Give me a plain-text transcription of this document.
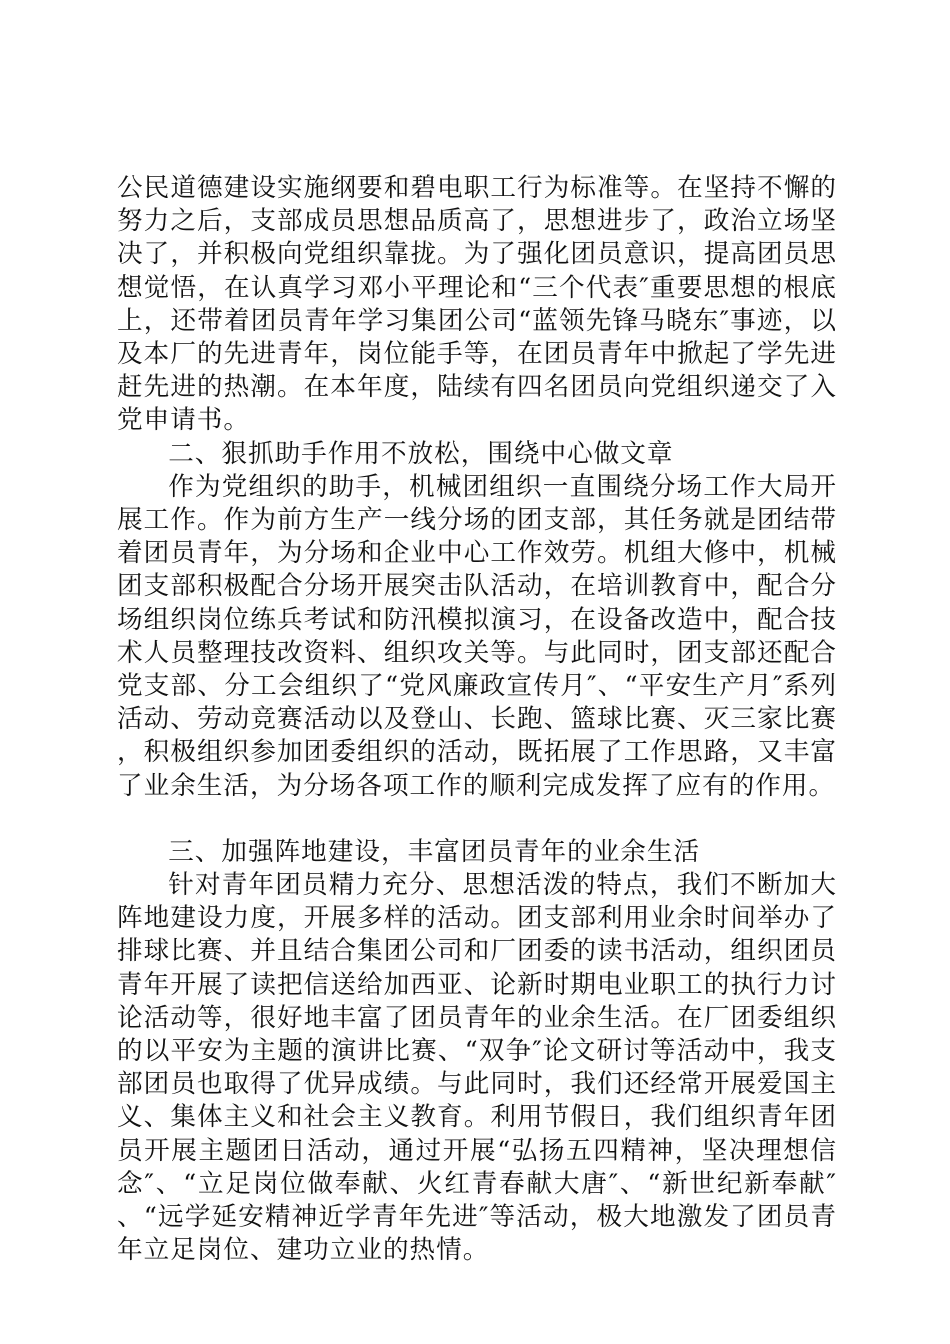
公民道德建设实施纲要和碧电职工行为标准等。在坚持不懈的努力之后，支部成员思想品质高了，思想进步了，政治立场坚决了，并积极向党组织靠拢。为了强化团员意识，提高团员思想觉悟，在认真学习邓小平理论和“三个代表″重要思想的根底上，还带着团员青年学习集团公司“蓝领先锋马晓东″事迹，以及本厂的先进青年，岗位能手等，在团员青年中掀起了学先进赶先进的热潮。在本年度，陆续有四名团员向党组织递交了入党申请书。

二、狠抓助手作用不放松，围绕中心做文章

作为党组织的助手，机械团组织一直围绕分场工作大局开展工作。作为前方生产一线分场的团支部，其任务就是团结带着团员青年，为分场和企业中心工作效劳。机组大修中，机械团支部积极配合分场开展突击队活动，在培训教育中，配合分场组织岗位练兵考试和防汛模拟演习，在设备改造中，配合技术人员整理技改资料、组织攻关等。与此同时，团支部还配合党支部、分工会组织了“党风廉政宣传月″、“平安生产月″系列活动、劳动竞赛活动以及登山、长跑、篮球比赛、灭三家比赛，积极组织参加团委组织的活动，既拓展了工作思路，又丰富了业余生活，为分场各项工作的顺利完成发挥了应有的作用。

三、加强阵地建设，丰富团员青年的业余生活

针对青年团员精力充分、思想活泼的特点，我们不断加大阵地建设力度，开展多样的活动。团支部利用业余时间举办了排球比赛、并且结合集团公司和厂团委的读书活动，组织团员青年开展了读把信送给加西亚、论新时期电业职工的执行力讨论活动等，很好地丰富了团员青年的业余生活。在厂团委组织的以平安为主题的演讲比赛、“双争″论文研讨等活动中，我支部团员也取得了优异成绩。与此同时，我们还经常开展爱国主义、集体主义和社会主义教育。利用节假日，我们组织青年团员开展主题团日活动，通过开展“弘扬五四精神，坚决理想信念″、“立足岗位做奉献、火红青春献大唐″、“新世纪新奉献″、“远学延安精神近学青年先进″等活动，极大地激发了团员青年立足岗位、建功立业的热情。
